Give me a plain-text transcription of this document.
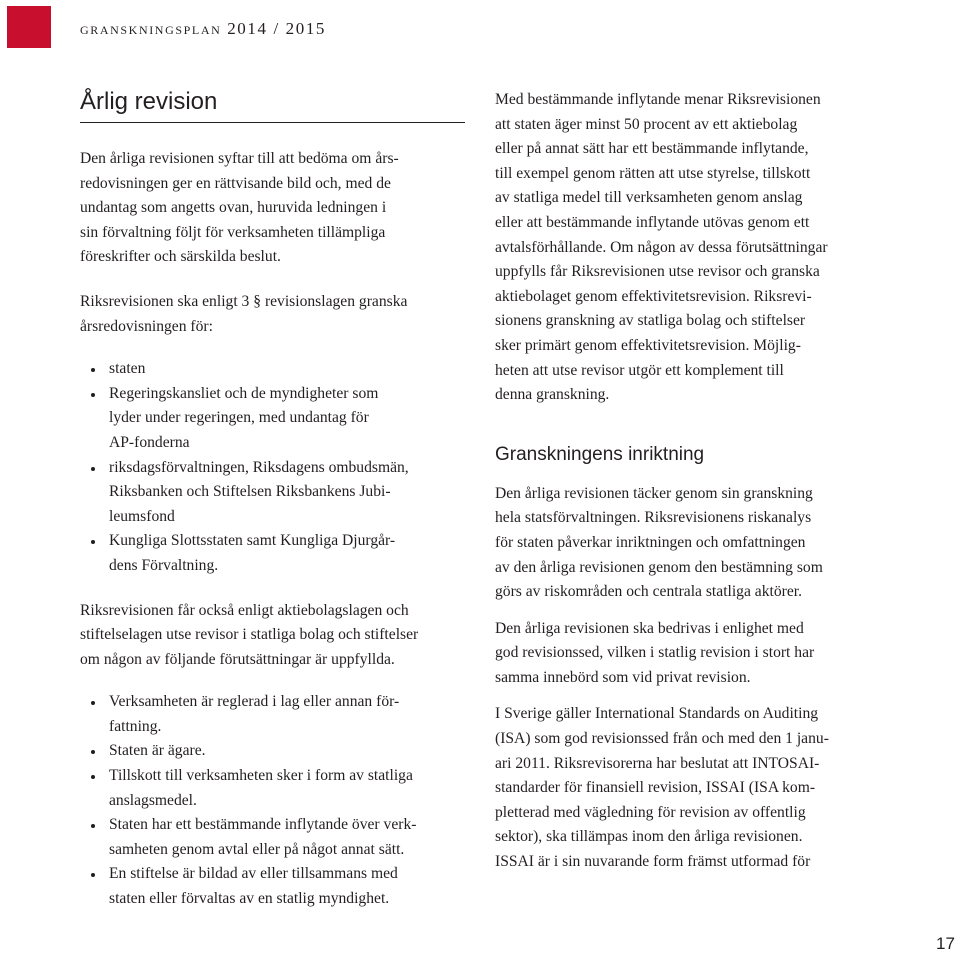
granskningsplan 2014 / 2015

Årlig revision

Den årliga revisionen syftar till att bedöma om års-
redovisningen ger en rättvisande bild och, med de
undantag som angetts ovan, huruvida ledningen i
sin förvaltning följt för verksamheten tillämpliga
föreskrifter och särskilda beslut.

Riksrevisionen ska enligt 3 § revisionslagen granska
årsredovisningen för:

staten
Regeringskansliet och de myndigheter som
lyder under regeringen, med undantag för
AP-fonderna
riksdagsförvaltningen, Riksdagens ombudsmän,
Riksbanken och Stiftelsen Riksbankens Jubi-
leumsfond
Kungliga Slottsstaten samt Kungliga Djurgår-
dens Förvaltning.

Riksrevisionen får också enligt aktiebolagslagen och
stiftelselagen utse revisor i statliga bolag och stiftelser
om någon av följande förutsättningar är uppfyllda.

Verksamheten är reglerad i lag eller annan för-
fattning.
Staten är ägare.
Tillskott till verksamheten sker i form av statliga
anslagsmedel.
Staten har ett bestämmande inflytande över verk-
samheten genom avtal eller på något annat sätt.
En stiftelse är bildad av eller tillsammans med
staten eller förvaltas av en statlig myndighet.

Med bestämmande inflytande menar Riksrevisionen
att staten äger minst 50 procent av ett aktiebolag
eller på annat sätt har ett bestämmande inflytande,
till exempel genom rätten att utse styrelse, tillskott
av statliga medel till verksamheten genom anslag
eller att bestämmande inflytande utövas genom ett
avtalsförhållande. Om någon av dessa förutsättningar
uppfylls får Riksrevisionen utse revisor och granska
aktiebolaget genom effektivitetsrevision. Riksrevi-
sionens granskning av statliga bolag och stiftelser
sker primärt genom effektivitetsrevision. Möjlig-
heten att utse revisor utgör ett komplement till
denna granskning.

Granskningens inriktning

Den årliga revisionen täcker genom sin granskning
hela statsförvaltningen. Riksrevisionens riskanalys
för staten påverkar inriktningen och omfattningen
av den årliga revisionen genom den bestämning som
görs av riskområden och centrala statliga aktörer.

Den årliga revisionen ska bedrivas i enlighet med
god revisionssed, vilken i statlig revision i stort har
samma innebörd som vid privat revision.

I Sverige gäller International Standards on Auditing
(ISA) som god revisionssed från och med den 1 janu-
ari 2011. Riksrevisorerna har beslutat att INTOSAI-
standarder för finansiell revision, ISSAI (ISA kom-
pletterad med vägledning för revision av offentlig
sektor), ska tillämpas inom den årliga revisionen.
ISSAI är i sin nuvarande form främst utformad för

17
